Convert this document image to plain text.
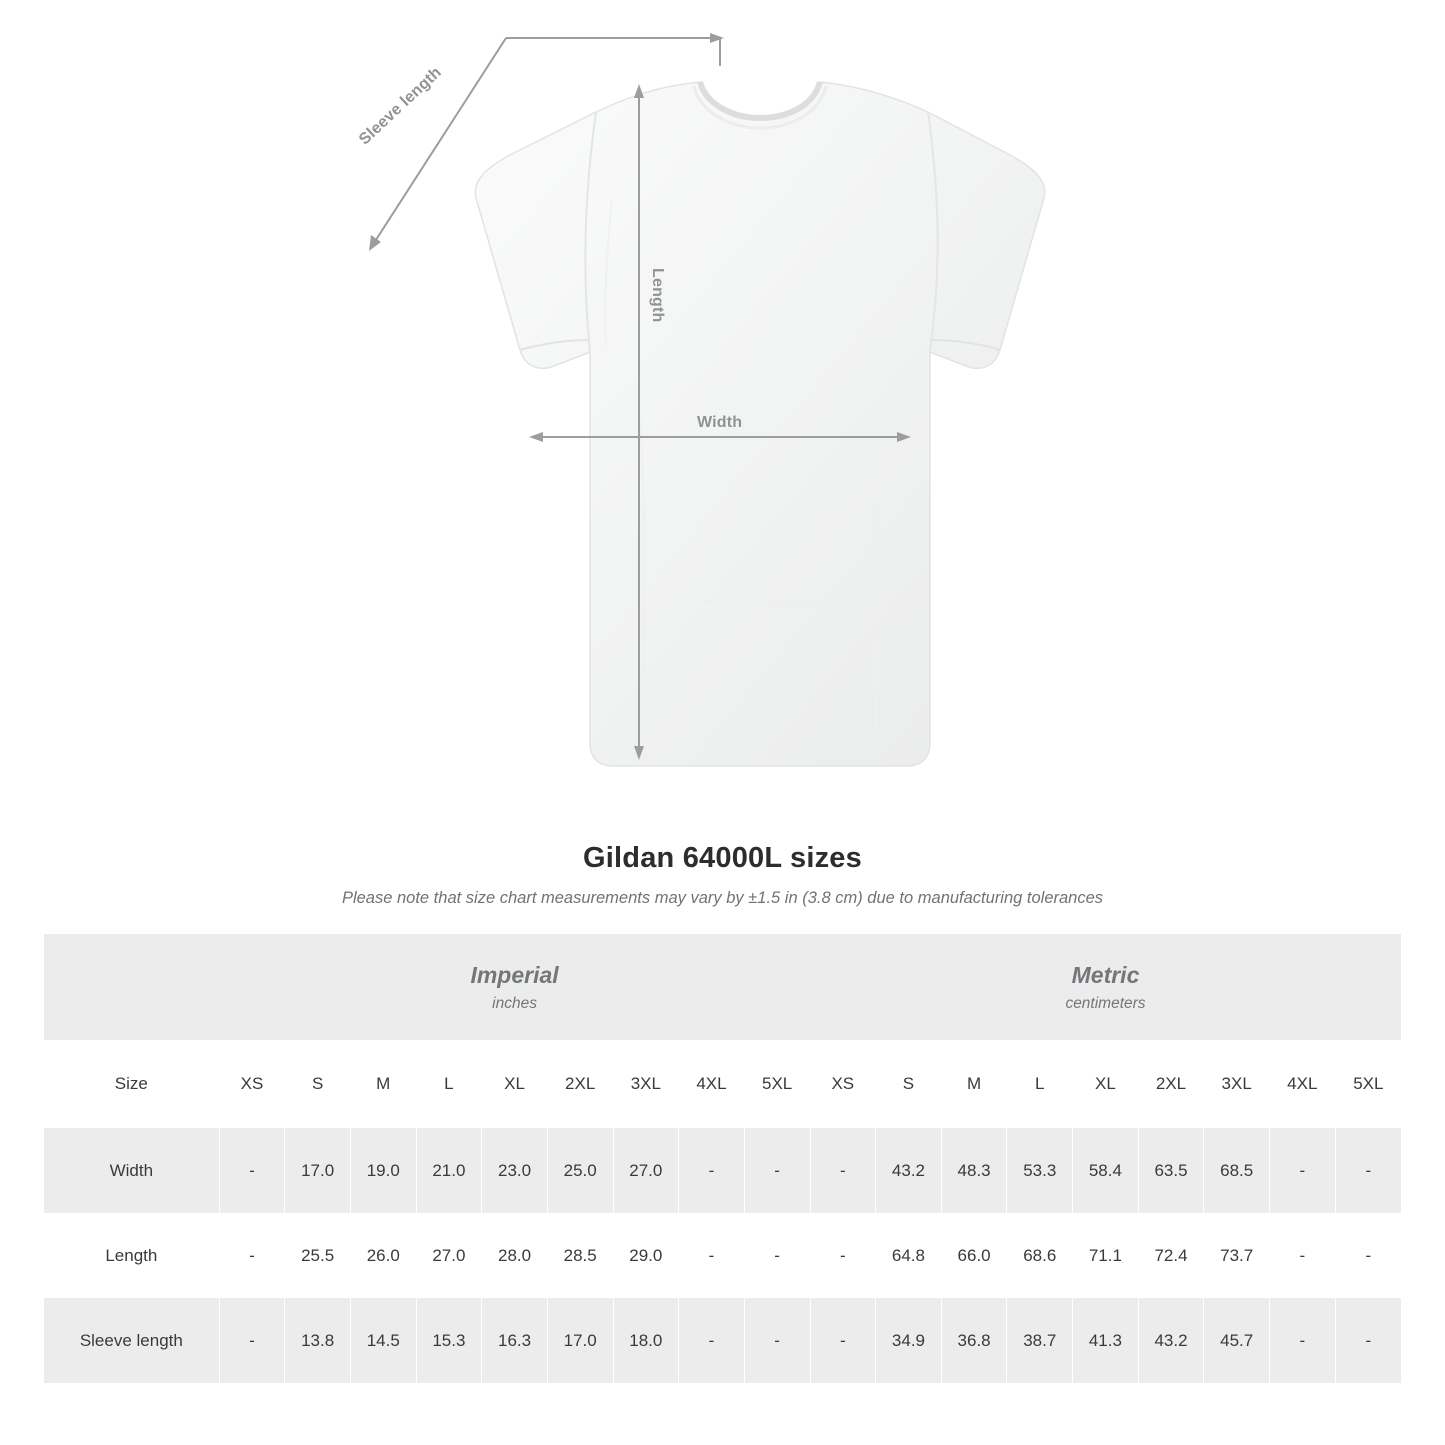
Length
Width
Sleeve length
Gildan 64000L sizes
Please note that size chart measurements may vary by ±1.5 in (3.8 cm) due to manufacturing tolerances

Imperial
inches

Metric
centimeters

Size	XS	S	M	L	XL	2XL	3XL	4XL	5XL	XS	S	M	L	XL	2XL	3XL	4XL	5XL
Width	-	17.0	19.0	21.0	23.0	25.0	27.0	-	-	-	43.2	48.3	53.3	58.4	63.5	68.5	-	-
Length	-	25.5	26.0	27.0	28.0	28.5	29.0	-	-	-	64.8	66.0	68.6	71.1	72.4	73.7	-	-
Sleeve length	-	13.8	14.5	15.3	16.3	17.0	18.0	-	-	-	34.9	36.8	38.7	41.3	43.2	45.7	-	-
